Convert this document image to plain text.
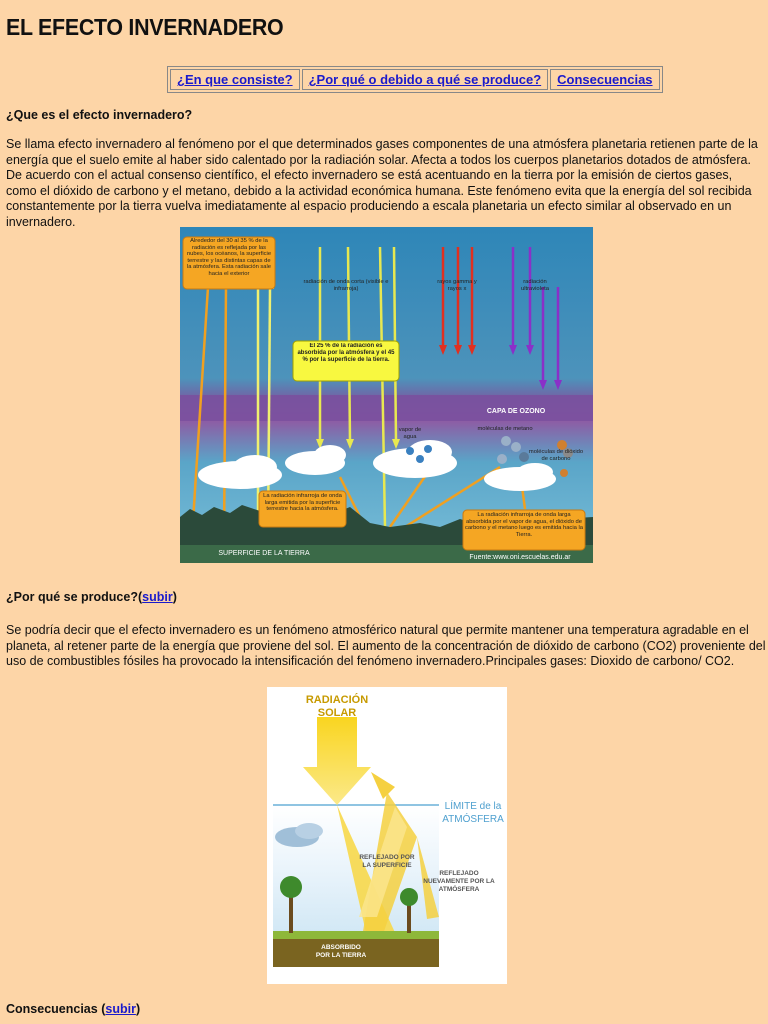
EL EFECTO INVERNADERO
¿En que consiste?	¿Por qué o debido a qué se produce?	Consecuencias
¿Que es el efecto invernadero?
Se llama efecto invernadero al fenómeno por el que determinados gases componentes de una atmósfera planetaria retienen parte de la energía que el suelo emite al haber sido calentado por la radiación solar. Afecta a todos los cuerpos planetarios dotados de atmósfera. De acuerdo con el actual consenso científico, el efecto invernadero se está acentuando en la tierra por la emisión de ciertos gases, como el dióxido de carbono y el metano, debido a la actividad económica humana. Este fenómeno evita que la energía del sol recibida constantemente por la tierra vuelva imediatamente al espacio produciendo a escala planetaria un efecto similar al observado en un invernadero.
Alrededor del 30 al 35 % de la radiación es reflejada por las nubes, los océanos, la superficie terrestre y las distintas capas de la atmósfera. Esta radiación sale hacia el exterior
radiación de onda corta (visible e infrarroja)
rayos gamma y rayos x
radiación ultravioleta
El 25 % de la radiación es absorbida por la atmósfera y el 45 % por la superficie de la tierra.
CAPA DE OZONO
vapor de agua
moléculas de metano
moléculas de dióxido de carbono
La radiación infrarroja de onda larga emitida por la superficie terrestre hacia la atmósfera.
La radiación infrarroja de onda larga absorbida por el vapor de agua, el dióxido de carbono y el metano luego es emitida hacia la Tierra.
SUPERFICIE DE LA TIERRA
Fuente:www.oni.escuelas.edu.ar
¿Por qué se produce?(subir)
Se podría decir que el efecto invernadero es un fenómeno atmosférico natural que permite mantener una temperatura agradable en el planeta, al retener parte de la energía que proviene del sol. El aumento de la concentración de dióxido de carbono (CO2) proveniente del uso de combustibles fósiles ha provocado la intensificación del fenómeno invernadero.Principales gases: Dioxido de carbono/ CO2.
RADIACIÓN
SOLAR
LÍMITE de la
ATMÓSFERA
REFLEJADO POR
LA SUPERFICIE
REFLEJADO
NUEVAMENTE POR LA
ATMÓSFERA
ABSORBIDO
POR LA TIERRA
Consecuencias (subir)
